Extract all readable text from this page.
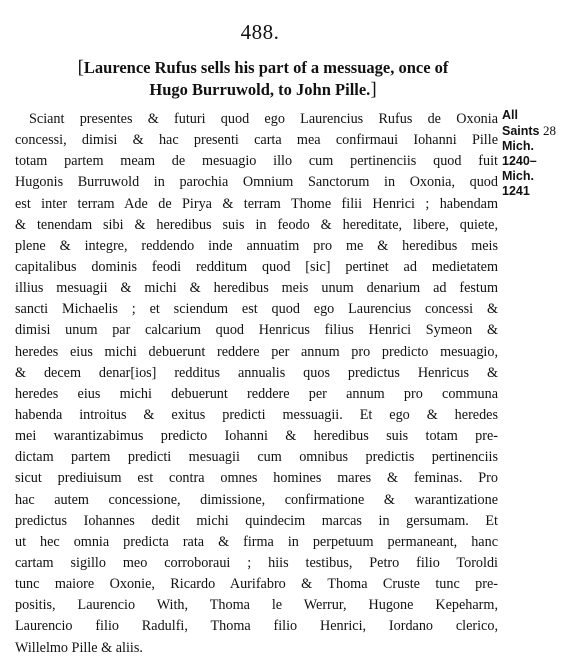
488.
[Laurence Rufus sells his part of a messuage, once of
Hugo Burruwold, to John Pille.]
Sciant presentes & futuri quod ego Laurencius Rufus de Oxonia
concessi, dimisi & hac presenti carta mea confirmaui Iohanni Pille
totam partem meam de mesuagio illo cum pertinenciis quod fuit
Hugonis Burruwold in parochia Omnium Sanctorum in Oxonia, quod
est inter terram Ade de Pirya & terram Thome filii Henrici ; habendam
& tenendam sibi & heredibus suis in feodo & hereditate, libere, quiete,
plene & integre, reddendo inde annuatim pro me & heredibus meis
capitalibus dominis feodi redditum quod [sic] pertinet ad medietatem
illius mesuagii & michi & heredibus meis unum denarium ad festum
sancti Michaelis ; et sciendum est quod ego Laurencius concessi &
dimisi unum par calcarium quod Henricus filius Henrici Symeon &
heredes eius michi debuerunt reddere per annum pro predicto mesuagio,
& decem denar[ios] redditus annualis quos predictus Henricus &
heredes eius michi debuerunt reddere per annum pro communa
habenda introitus & exitus predicti messuagii. Et ego & heredes
mei warantizabimus predicto Iohanni & heredibus suis totam pre-
dictam partem predicti mesuagii cum omnibus predictis pertinenciis
sicut prediuisum est contra omnes homines mares & feminas. Pro
hac autem concessione, dimissione, confirmatione & warantizatione
predictus Iohannes dedit michi quindecim marcas in gersumam. Et
ut hec omnia predicta rata & firma in perpetuum permaneant, hanc
cartam sigillo meo corroboraui ; hiis testibus, Petro filio Toroldi
tunc maiore Oxonie, Ricardo Aurifabro & Thoma Cruste tunc pre-
positis, Laurencio With, Thoma le Werrur, Hugone Kepeharm,
Laurencio filio Radulfi, Thoma filio Henrici, Iordano clerico,
Willelmo Pille & aliis.
All
Saints 28
Mich.
1240–
Mich.
1241
